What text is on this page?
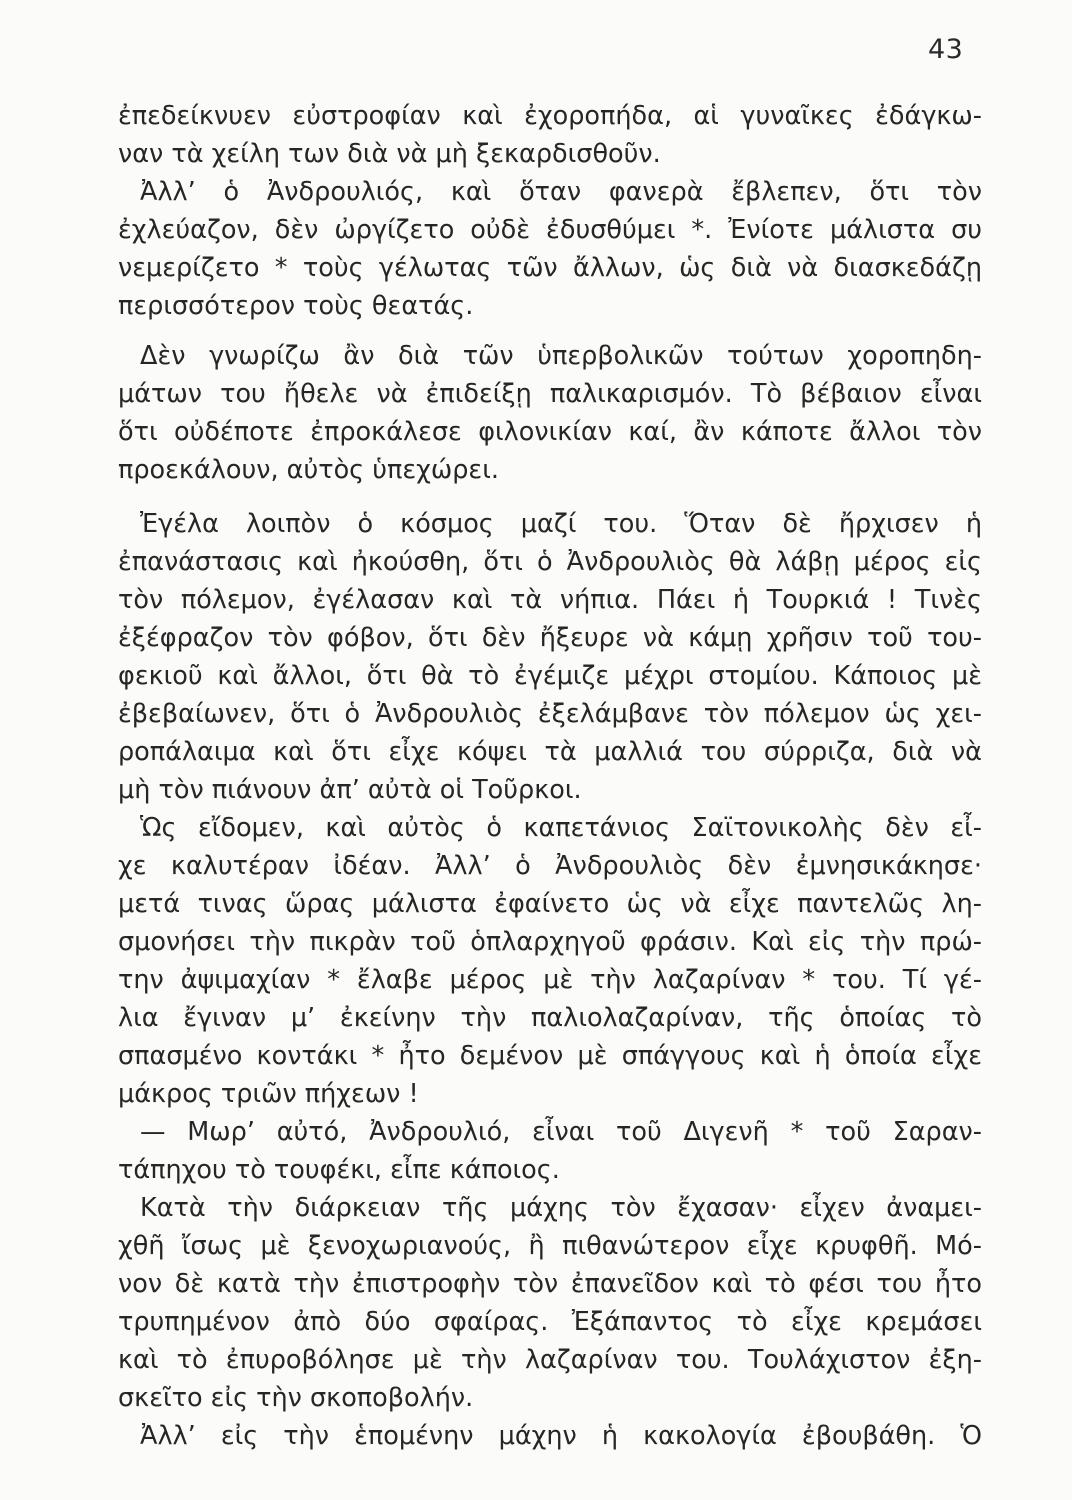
43
ἐπεδείκνυεν εὐστροφίαν καὶ ἐχοροπήδα, αἱ γυναῖκες ἐδάγκω-
ναν τὰ χείλη των διὰ νὰ μὴ ξεκαρδισθοῦν.
Ἀλλ’ ὁ Ἀνδρουλιός, καὶ ὅταν φανερὰ ἔβλεπεν, ὅτι τὸν
ἐχλεύαζον, δὲν ὠργίζετο οὐδὲ ἐδυσθύμει *. Ἐνίοτε μάλιστα συ
νεμερίζετο * τοὺς γέλωτας τῶν ἄλλων, ὡς διὰ νὰ διασκεδάζῃ
περισσότερον τοὺς θεατάς.
Δὲν γνωρίζω ἂν διὰ τῶν ὑπερβολικῶν τούτων χοροπηδη-
μάτων του ἤθελε νὰ ἐπιδείξῃ παλικαρισμόν. Τὸ βέβαιον εἶναι
ὅτι οὐδέποτε ἐπροκάλεσε φιλονικίαν καί, ἂν κάποτε ἄλλοι τὸν
προεκάλουν, αὐτὸς ὑπεχώρει.
Ἐγέλα λοιπὸν ὁ κόσμος μαζί του. Ὅταν δὲ ἤρχισεν ἡ
ἐπανάστασις καὶ ἠκούσθη, ὅτι ὁ Ἀνδρουλιὸς θὰ λάβῃ μέρος εἰς
τὸν πόλεμον, ἐγέλασαν καὶ τὰ νήπια. Πάει ἡ Τουρκιά ! Τινὲς
ἐξέφραζον τὸν φόβον, ὅτι δὲν ἤξευρε νὰ κάμῃ χρῆσιν τοῦ του-
φεκιοῦ καὶ ἄλλοι, ὅτι θὰ τὸ ἐγέμιζε μέχρι στομίου. Κάποιος μὲ
ἐβεβαίωνεν, ὅτι ὁ Ἀνδρουλιὸς ἐξελάμβανε τὸν πόλεμον ὡς χει-
ροπάλαιμα καὶ ὅτι εἶχε κόψει τὰ μαλλιά του σύρριζα, διὰ νὰ
μὴ τὸν πιάνουν ἀπ’ αὐτὰ οἱ Τοῦρκοι.
Ὡς εἴδομεν, καὶ αὐτὸς ὁ καπετάνιος Σαϊτονικολὴς δὲν εἶ-
χε καλυτέραν ἰδέαν. Ἀλλ’ ὁ Ἀνδρουλιὸς δὲν ἐμνησικάκησε·
μετά τινας ὥρας μάλιστα ἐφαίνετο ὡς νὰ εἶχε παντελῶς λη-
σμονήσει τὴν πικρὰν τοῦ ὁπλαρχηγοῦ φράσιν. Καὶ εἰς τὴν πρώ-
την ἀψιμαχίαν * ἔλαβε μέρος μὲ τὴν λαζαρίναν * του. Τί γέ-
λια ἔγιναν μ’ ἐκείνην τὴν παλιολαζαρίναν, τῆς ὁποίας τὸ
σπασμένο κοντάκι * ἦτο δεμένον μὲ σπάγγους καὶ ἡ ὁποία εἶχε
μάκρος τριῶν πήχεων !
— Μωρ’ αὐτό, Ἀνδρουλιό, εἶναι τοῦ Διγενῆ * τοῦ Σαραν-
τάπηχου τὸ τουφέκι, εἶπε κάποιος.
Κατὰ τὴν διάρκειαν τῆς μάχης τὸν ἔχασαν· εἶχεν ἀναμει-
χθῆ ἴσως μὲ ξενοχωριανούς, ἢ πιθανώτερον εἶχε κρυφθῆ. Μό-
νον δὲ κατὰ τὴν ἐπιστροφὴν τὸν ἐπανεῖδον καὶ τὸ φέσι του ἦτο
τρυπημένον ἀπὸ δύο σφαίρας. Ἐξάπαντος τὸ εἶχε κρεμάσει
καὶ τὸ ἐπυροβόλησε μὲ τὴν λαζαρίναν του. Τουλάχιστον ἐξη-
σκεῖτο εἰς τὴν σκοποβολήν.
Ἀλλ’ εἰς τὴν ἑπομένην μάχην ἡ κακολογία ἐβουβάθη. Ὁ
